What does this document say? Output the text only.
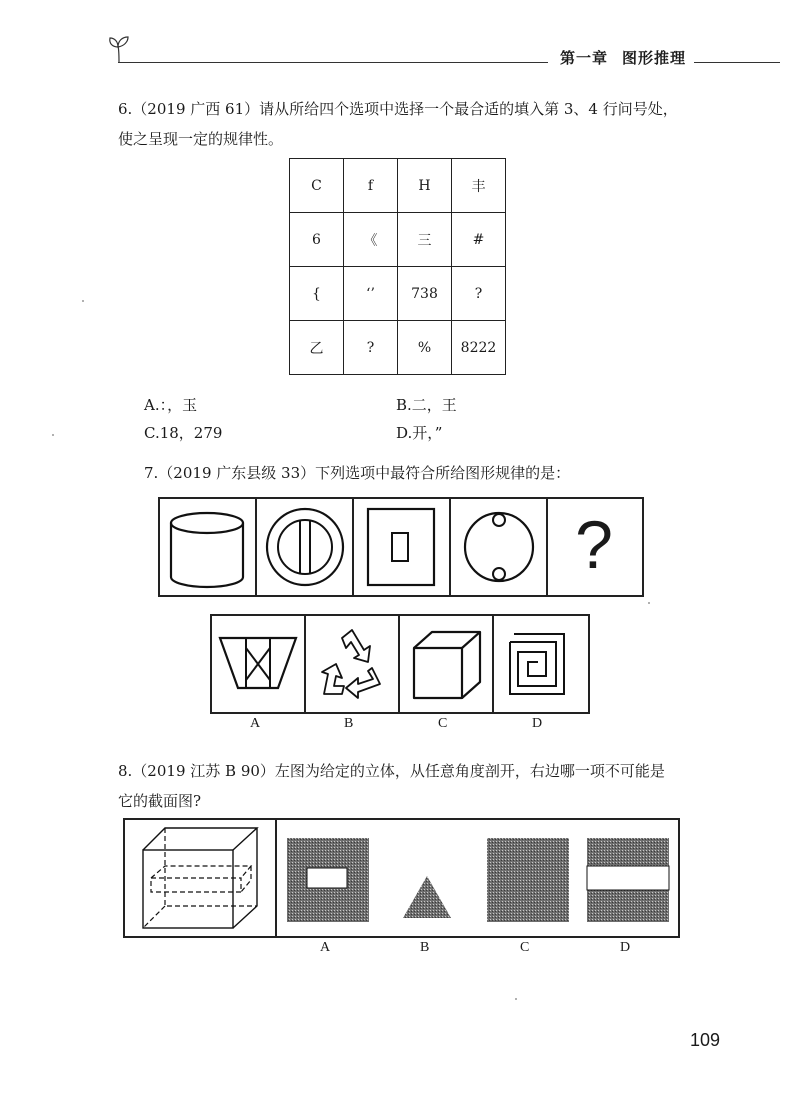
第一章 图形推理
6.（2019 广西 61）请从所给四个选项中选择一个最合适的填入第 3、4 行问号处，
使之呈现一定的规律性。
C	f	H	丰
6	《	三	#
{	‘’	738	?
乙	?	%	8222
A.：，玉	B.二，王
C.18，279	D.开，”
7.（2019 广东县级 33）下列选项中最符合所给图形规律的是：
?
A	B	C	D
8.（2019 江苏 B 90）左图为给定的立体，从任意角度剖开，右边哪一项不可能是
它的截面图?
A	B	C	D
109
